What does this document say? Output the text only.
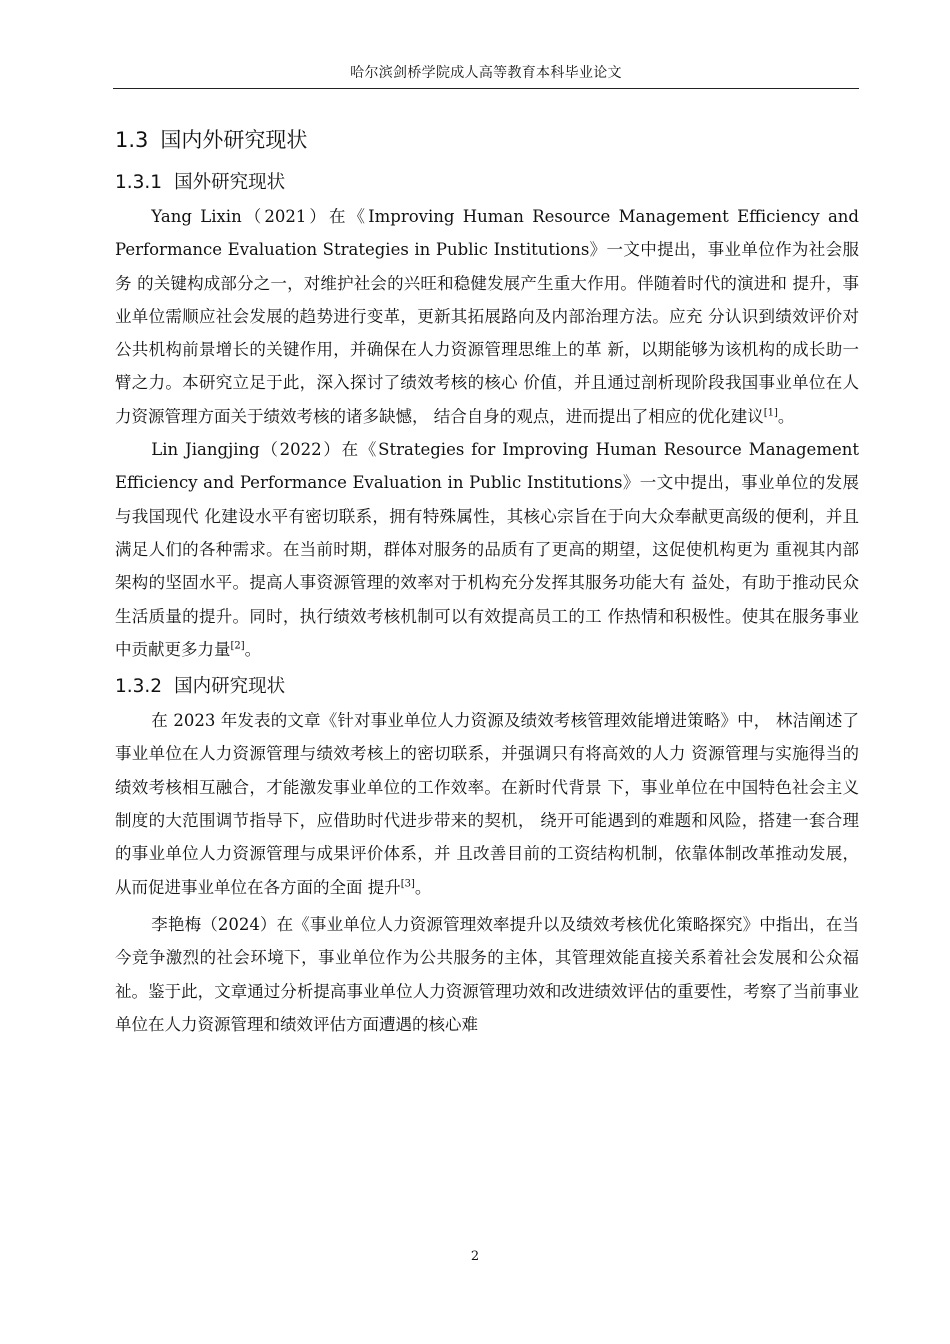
哈尔滨剑桥学院成人高等教育本科毕业论文
1.3 国内外研究现状
1.3.1 国外研究现状

Yang Lixin（2021）在《Improving Human Resource Management Efficiency and Performance Evaluation Strategies in Public Institutions》一文中提出，事业单位作为社会服务 的关键构成部分之一，对维护社会的兴旺和稳健发展产生重大作用。伴随着时代的演进和 提升，事业单位需顺应社会发展的趋势进行变革，更新其拓展路向及内部治理方法。应充 分认识到绩效评价对公共机构前景增长的关键作用，并确保在人力资源管理思维上的革 新，以期能够为该机构的成长助一臂之力。本研究立足于此，深入探讨了绩效考核的核心 价值，并且通过剖析现阶段我国事业单位在人力资源管理方面关于绩效考核的诸多缺憾， 结合自身的观点，进而提出了相应的优化建议[1]。

Lin Jiangjing（2022）在《Strategies for Improving Human Resource Management Efficiency and Performance Evaluation in Public Institutions》一文中提出，事业单位的发展与我国现代 化建设水平有密切联系，拥有特殊属性，其核心宗旨在于向大众奉献更高级的便利，并且 满足人们的各种需求。在当前时期，群体对服务的品质有了更高的期望，这促使机构更为 重视其内部架构的坚固水平。提高人事资源管理的效率对于机构充分发挥其服务功能大有 益处，有助于推动民众生活质量的提升。同时，执行绩效考核机制可以有效提高员工的工 作热情和积极性。使其在服务事业中贡献更多力量[2]。

1.3.2 国内研究现状

在 2023 年发表的文章《针对事业单位人力资源及绩效考核管理效能增进策略》中， 林洁阐述了事业单位在人力资源管理与绩效考核上的密切联系，并强调只有将高效的人力 资源管理与实施得当的绩效考核相互融合，才能激发事业单位的工作效率。在新时代背景 下，事业单位在中国特色社会主义制度的大范围调节指导下，应借助时代进步带来的契机， 绕开可能遇到的难题和风险，搭建一套合理的事业单位人力资源管理与成果评价体系，并 且改善目前的工资结构机制，依靠体制改革推动发展，从而促进事业单位在各方面的全面 提升[3]。

李艳梅（2024）在《事业单位人力资源管理效率提升以及绩效考核优化策略探究》中指出，在当今竞争激烈的社会环境下，事业单位作为公共服务的主体，其管理效能直接关系着社会发展和公众福祉。鉴于此，文章通过分析提高事业单位人力资源管理功效和改进绩效评估的重要性，考察了当前事业单位在人力资源管理和绩效评估方面遭遇的核心难

2
